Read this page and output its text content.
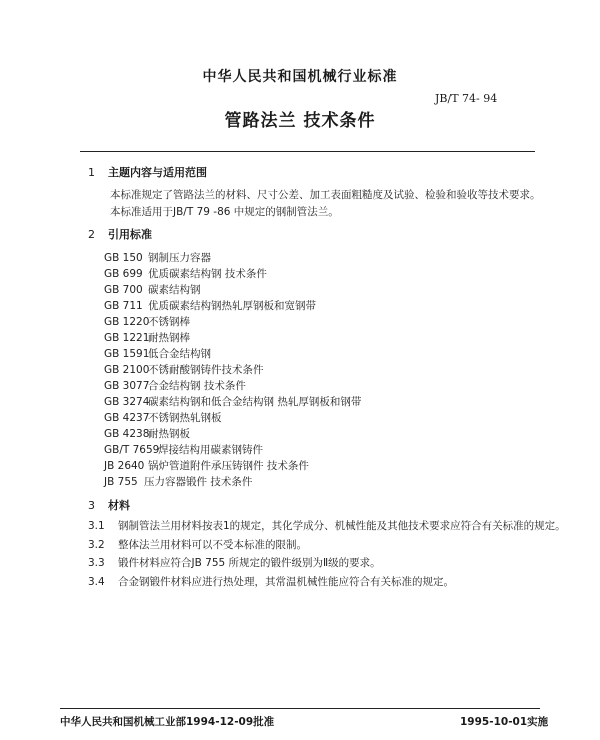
中华人民共和国机械行业标准
JB/T 74- 94
管路法兰 技术条件
1 主题内容与适用范围
本标准规定了管路法兰的材料、尺寸公差、加工表面粗糙度及试验、检验和验收等技术要求。
本标准适用于JB/T 79 -86 中规定的钢制管法兰。
2 引用标准
GB 150 钢制压力容器
GB 699 优质碳素结构钢 技术条件
GB 700 碳素结构钢
GB 711 优质碳素结构钢热轧厚钢板和宽钢带
GB 1220不锈钢棒
GB 1221耐热钢棒
GB 1591低合金结构钢
GB 2100不锈耐酸钢铸件技术条件
GB 3077合金结构钢 技术条件
GB 3274碳素结构钢和低合金结构钢 热轧厚钢板和钢带
GB 4237不锈钢热轧钢板
GB 4238耐热钢板
GB/T 7659焊接结构用碳素钢铸件
JB 2640 锅炉管道附件承压铸钢件 技术条件
JB 755 压力容器锻件 技术条件
3 材料
3.1 钢制管法兰用材料按表1的规定，其化学成分、机械性能及其他技术要求应符合有关标准的规定。
3.2 整体法兰用材料可以不受本标准的限制。
3.3 锻件材料应符合JB 755 所规定的锻件级别为Ⅱ级的要求。
3.4 合金钢锻件材料应进行热处理，其常温机械性能应符合有关标准的规定。
中华人民共和国机械工业部1994-12-09批准	1995-10-01实施
